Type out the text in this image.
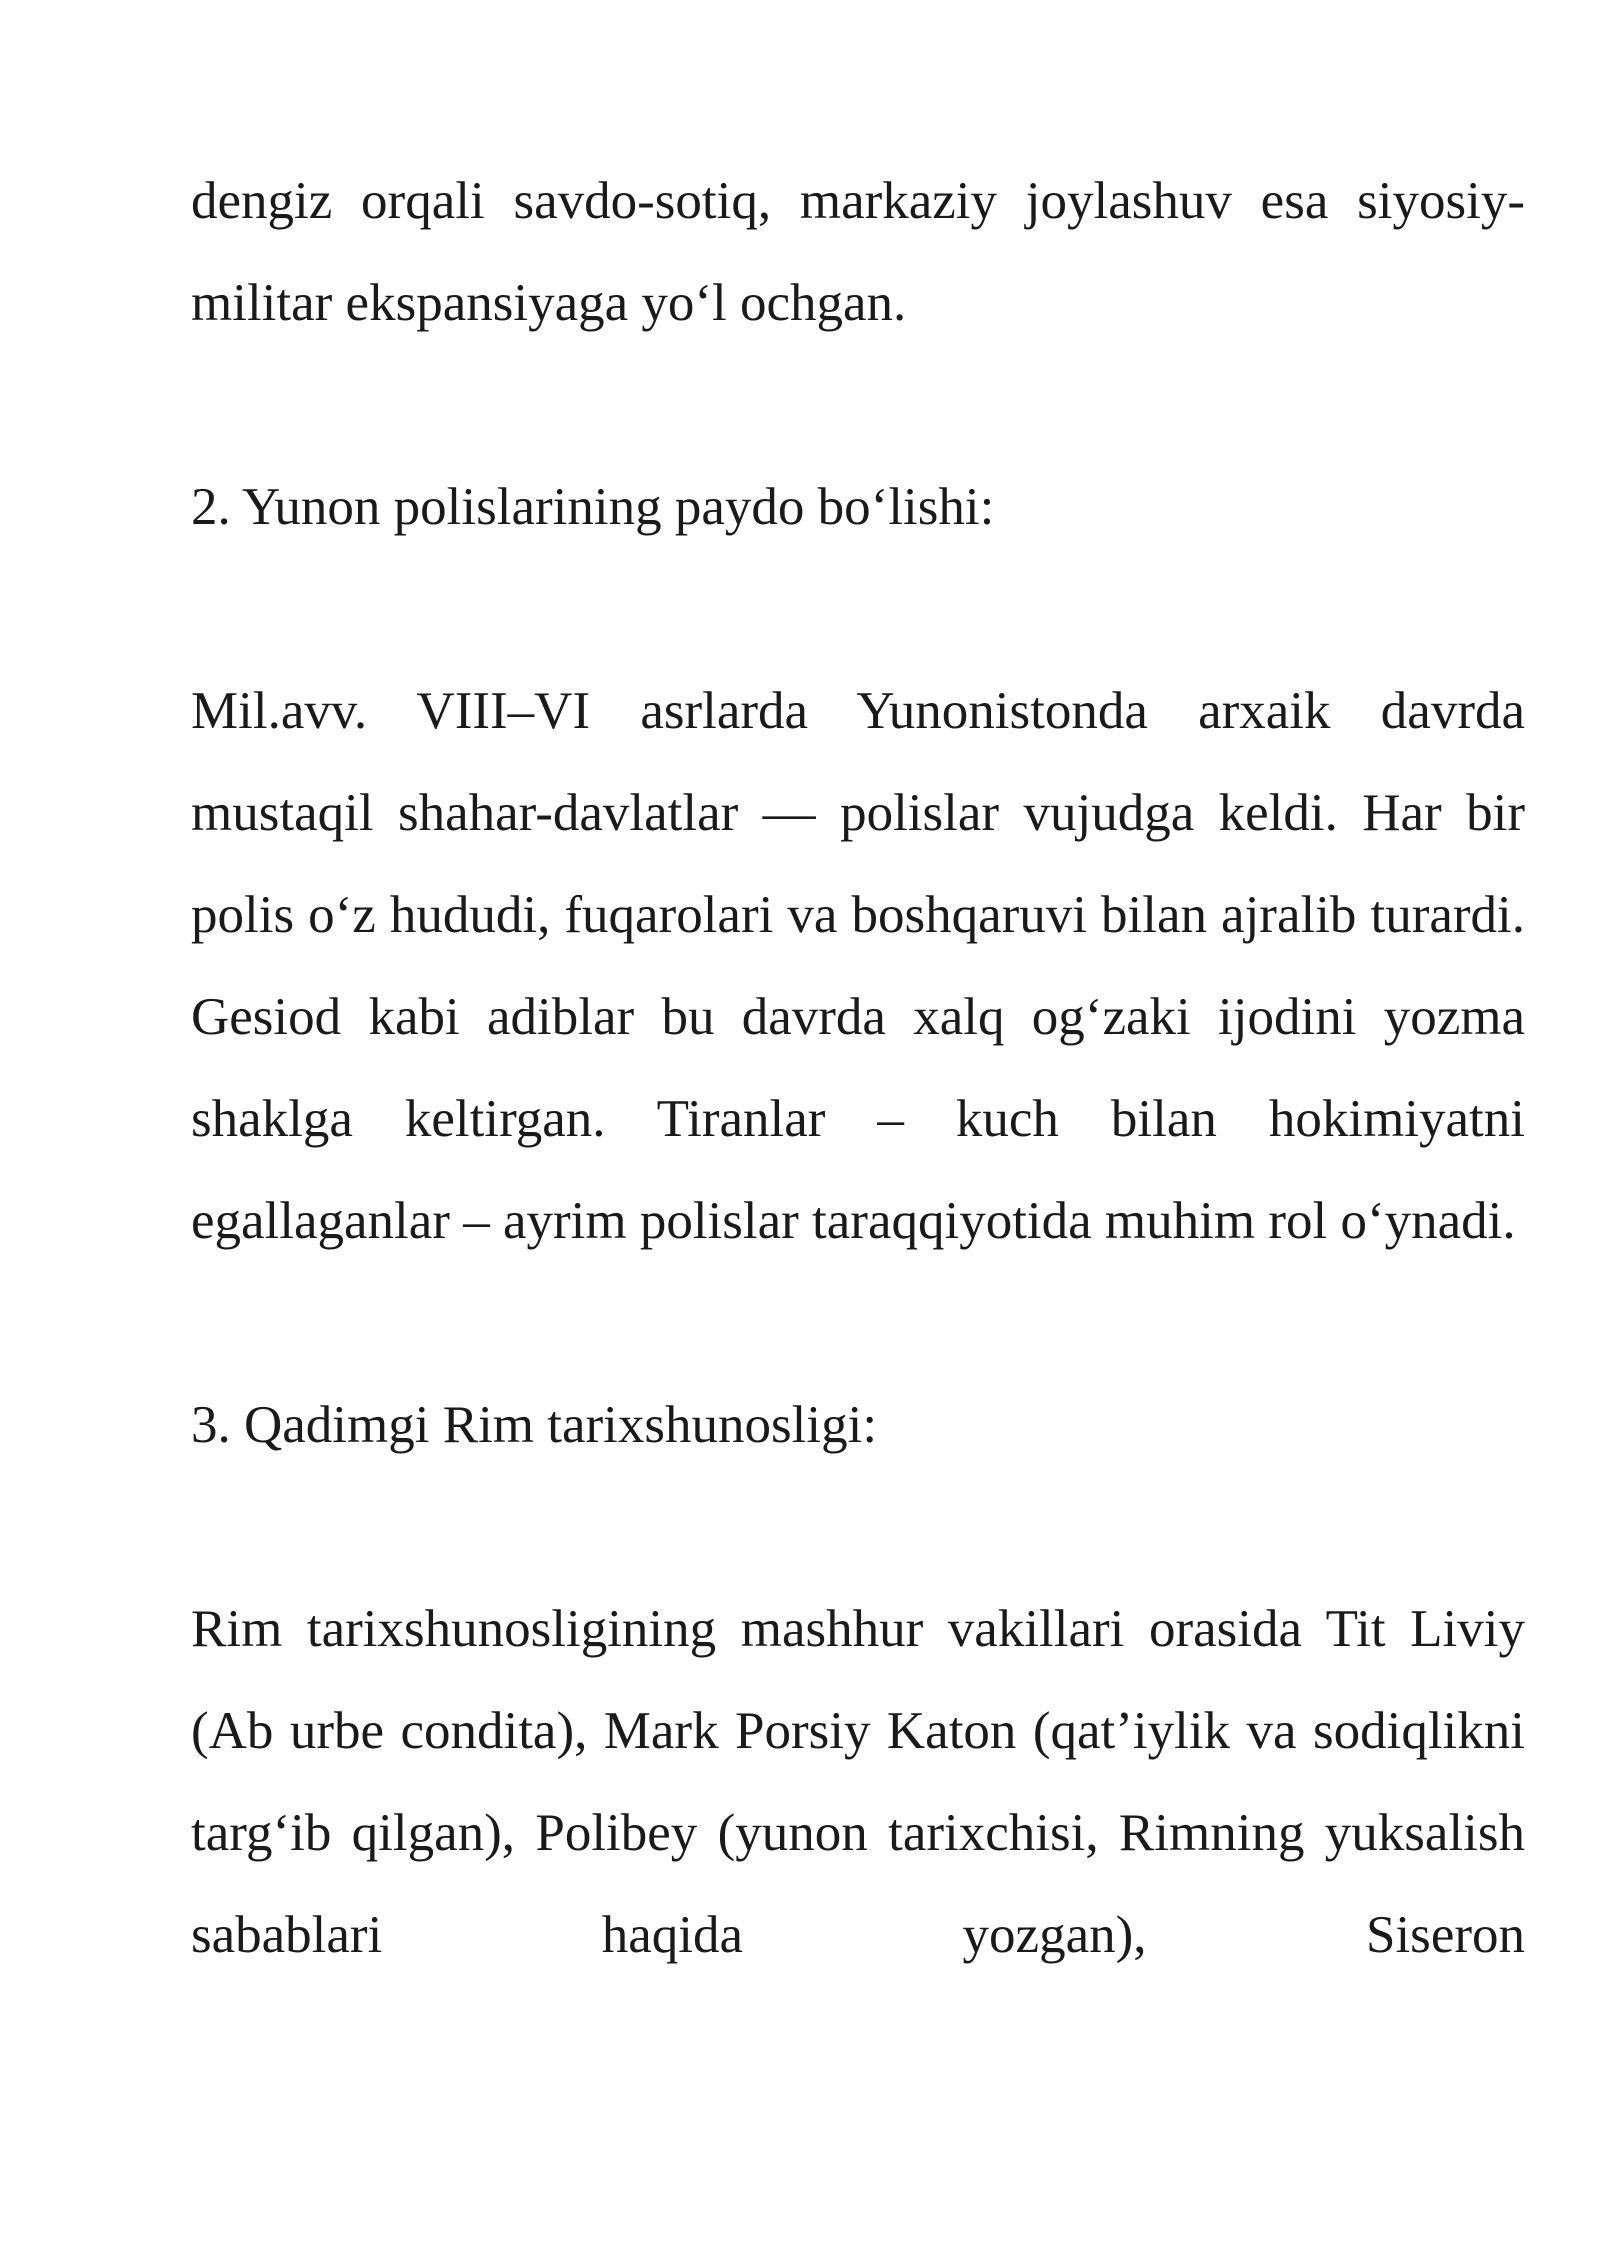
dengiz orqali savdo-sotiq, markaziy joylashuv esa siyosiy-militar ekspansiyaga yo‘l ochgan.

2. Yunon polislarining paydo bo‘lishi:

Mil.avv. VIII–VI asrlarda Yunonistonda arxaik davrda mustaqil shahar-davlatlar — polislar vujudga keldi. Har bir polis o‘z hududi, fuqarolari va boshqaruvi bilan ajralib turardi. Gesiod kabi adiblar bu davrda xalq og‘zaki ijodini yozma shaklga keltirgan. Tiranlar – kuch bilan hokimiyatni egallaganlar – ayrim polislar taraqqiyotida muhim rol o‘ynadi.

3. Qadimgi Rim tarixshunosligi:

Rim tarixshunosligining mashhur vakillari orasida Tit Liviy (Ab urbe condita), Mark Porsiy Katon (qat’iylik va sodiqlikni targ‘ib qilgan), Polibey (yunon tarixchisi, Rimning yuksalish sabablari haqida yozgan), Siseron
